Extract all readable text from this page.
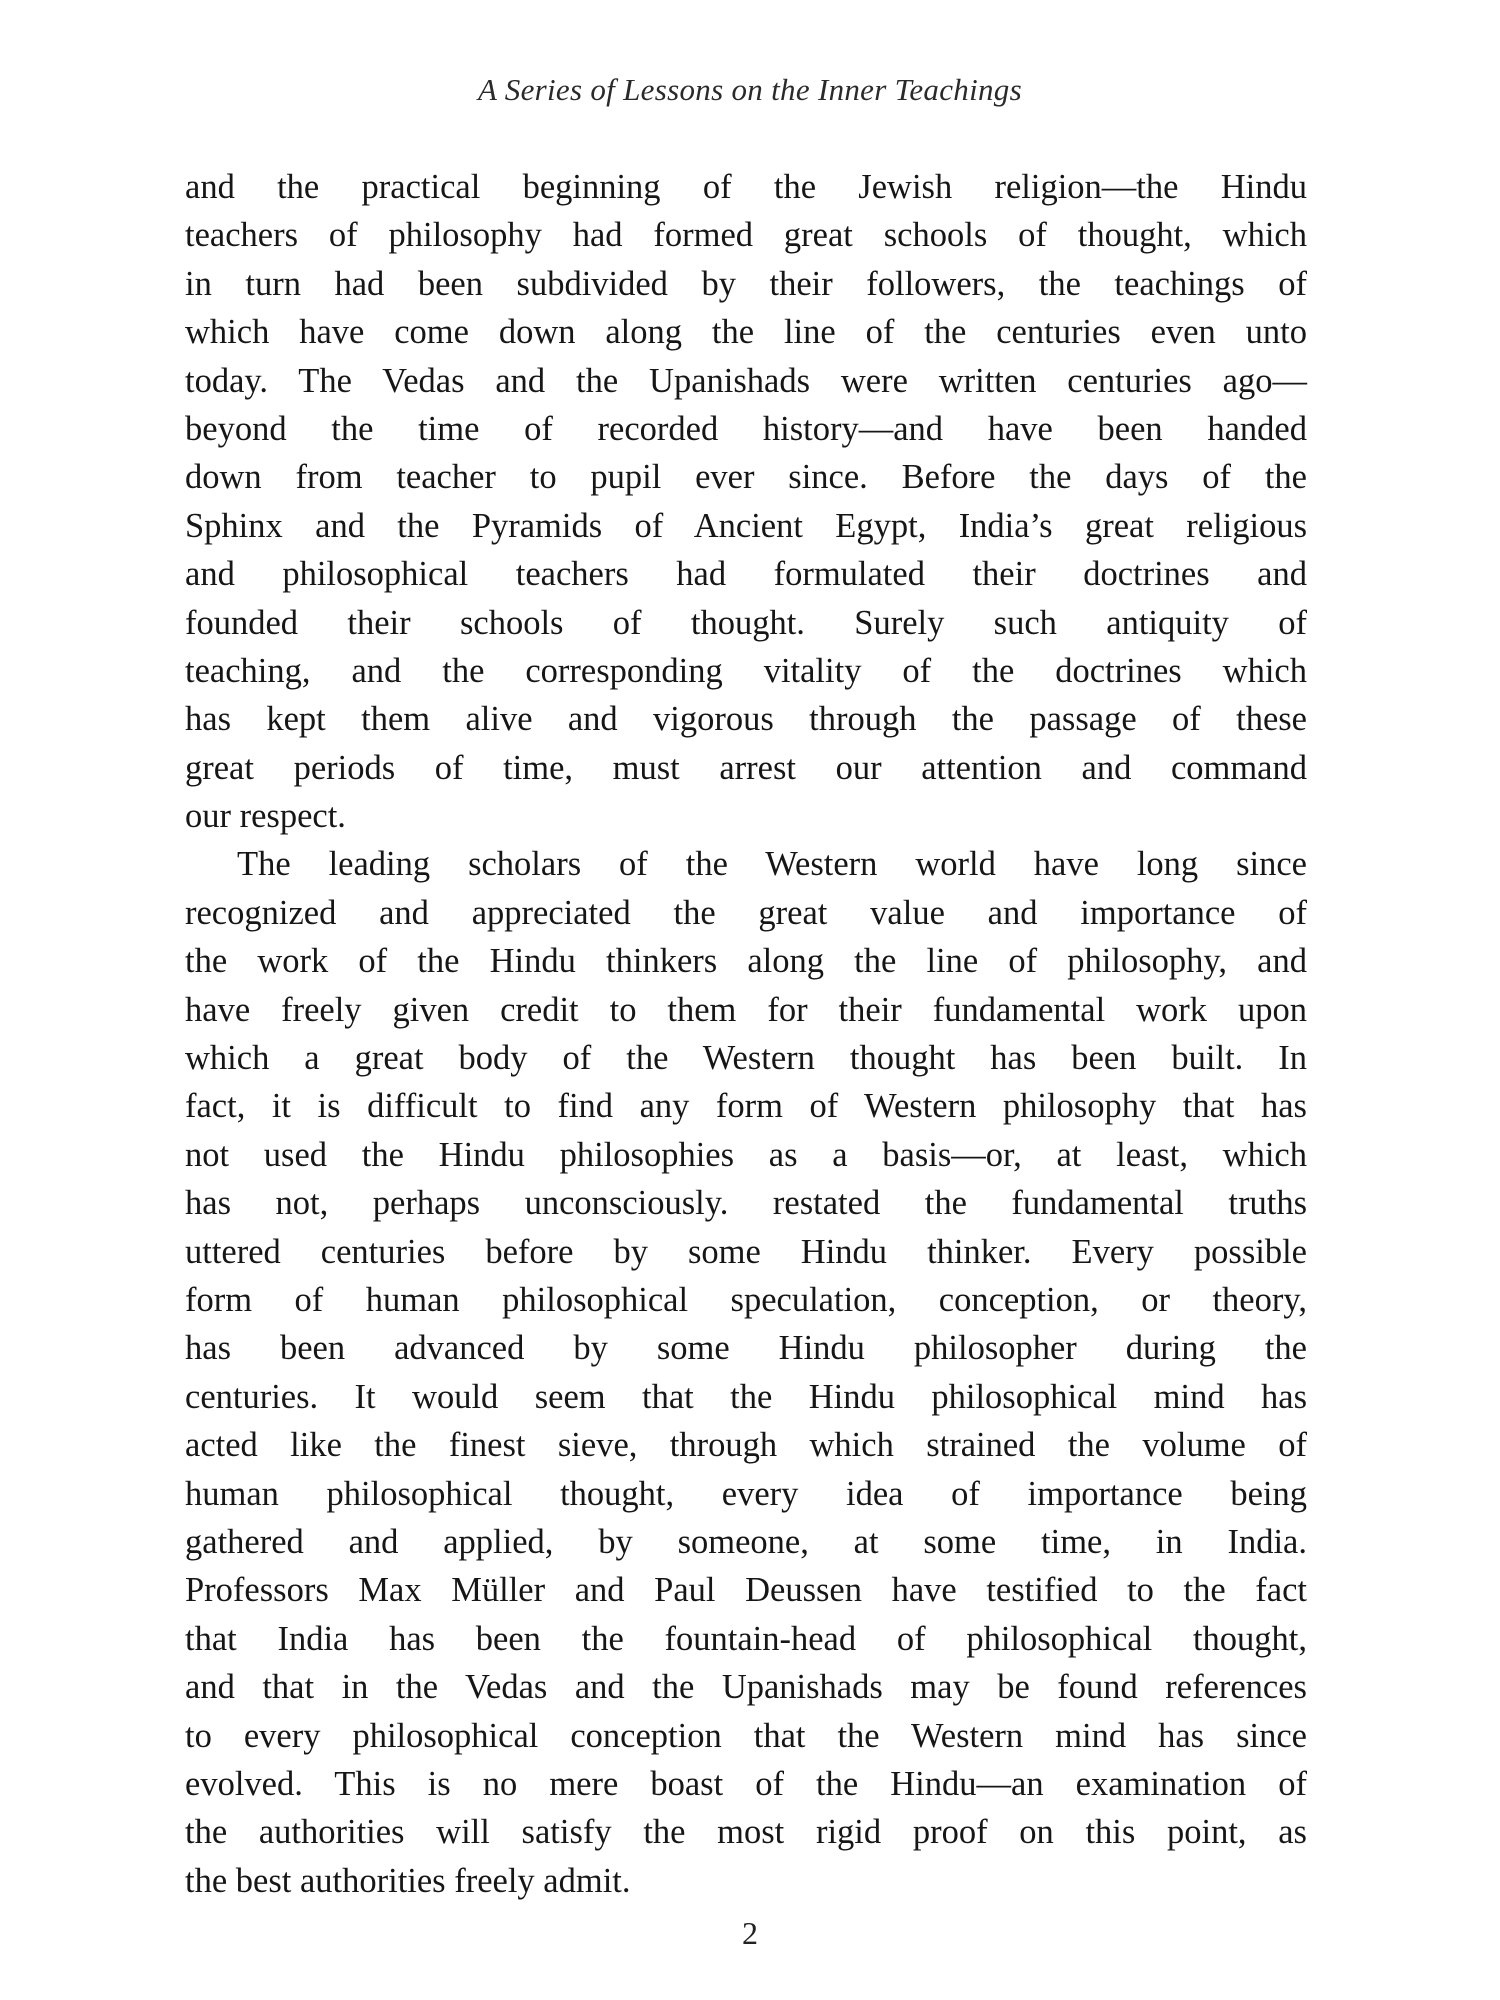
A Series of Lessons on the Inner Teachings
and the practical beginning of the Jewish religion—the Hindu
teachers of philosophy had formed great schools of thought, which
in turn had been subdivided by their followers, the teachings of
which have come down along the line of the centuries even unto
today. The Vedas and the Upanishads were written centuries ago—
beyond the time of recorded history—and have been handed
down from teacher to pupil ever since. Before the days of the
Sphinx and the Pyramids of Ancient Egypt, India’s great religious
and philosophical teachers had formulated their doctrines and
founded their schools of thought. Surely such antiquity of
teaching, and the corresponding vitality of the doctrines which
has kept them alive and vigorous through the passage of these
great periods of time, must arrest our attention and command
our respect.
The leading scholars of the Western world have long since
recognized and appreciated the great value and importance of
the work of the Hindu thinkers along the line of philosophy, and
have freely given credit to them for their fundamental work upon
which a great body of the Western thought has been built. In
fact, it is difficult to find any form of Western philosophy that has
not used the Hindu philosophies as a basis—or, at least, which
has not, perhaps unconsciously. restated the fundamental truths
uttered centuries before by some Hindu thinker. Every possible
form of human philosophical speculation, conception, or theory,
has been advanced by some Hindu philosopher during the
centuries. It would seem that the Hindu philosophical mind has
acted like the finest sieve, through which strained the volume of
human philosophical thought, every idea of importance being
gathered and applied, by someone, at some time, in India.
Professors Max Müller and Paul Deussen have testified to the fact
that India has been the fountain-head of philosophical thought,
and that in the Vedas and the Upanishads may be found references
to every philosophical conception that the Western mind has since
evolved. This is no mere boast of the Hindu—an examination of
the authorities will satisfy the most rigid proof on this point, as
the best authorities freely admit.
2
